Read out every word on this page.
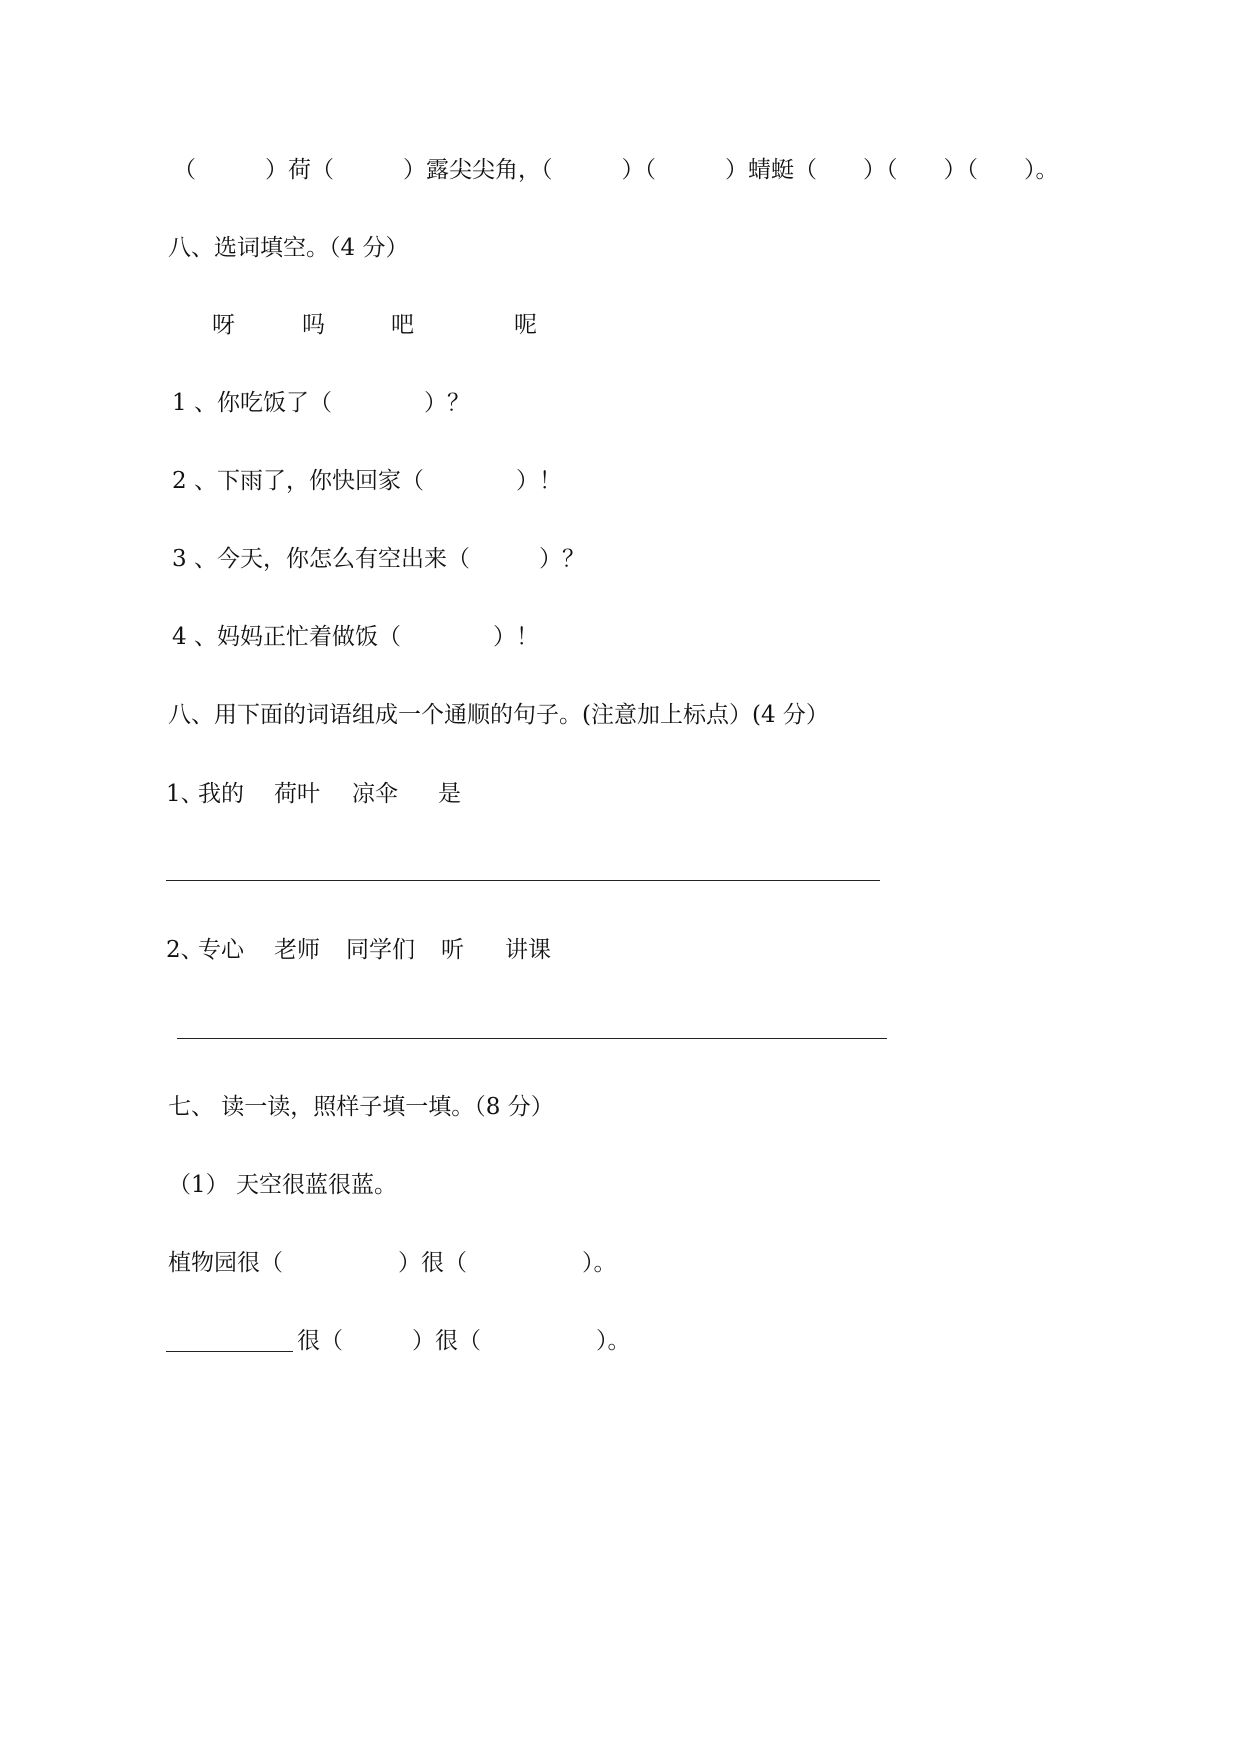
（　　　）荷（　　　）露尖尖角，（　　　）（　　　）蜻蜓（　　）（　　）（　　）。
八、选词填空。（4 分）
呀	吗	吧	呢
1 、你吃饭了（　　　　）？
2 、下雨了，你快回家（　　　　）！
3 、今天，你怎么有空出来（　　　）？
4 、妈妈正忙着做饭（　　　　）！
八、用下面的词语组成一个通顺的句子。(注意加上标点）(4 分）
1、
我的 荷叶 凉伞 是
2、
专心 老师 同学们 听 讲课
七、 读一读，照样子填一填。（8 分）
（1） 天空很蓝很蓝。
植物园很（　　　　　）很（　　　　　）。
很（　　　）很（　　　　　）。
